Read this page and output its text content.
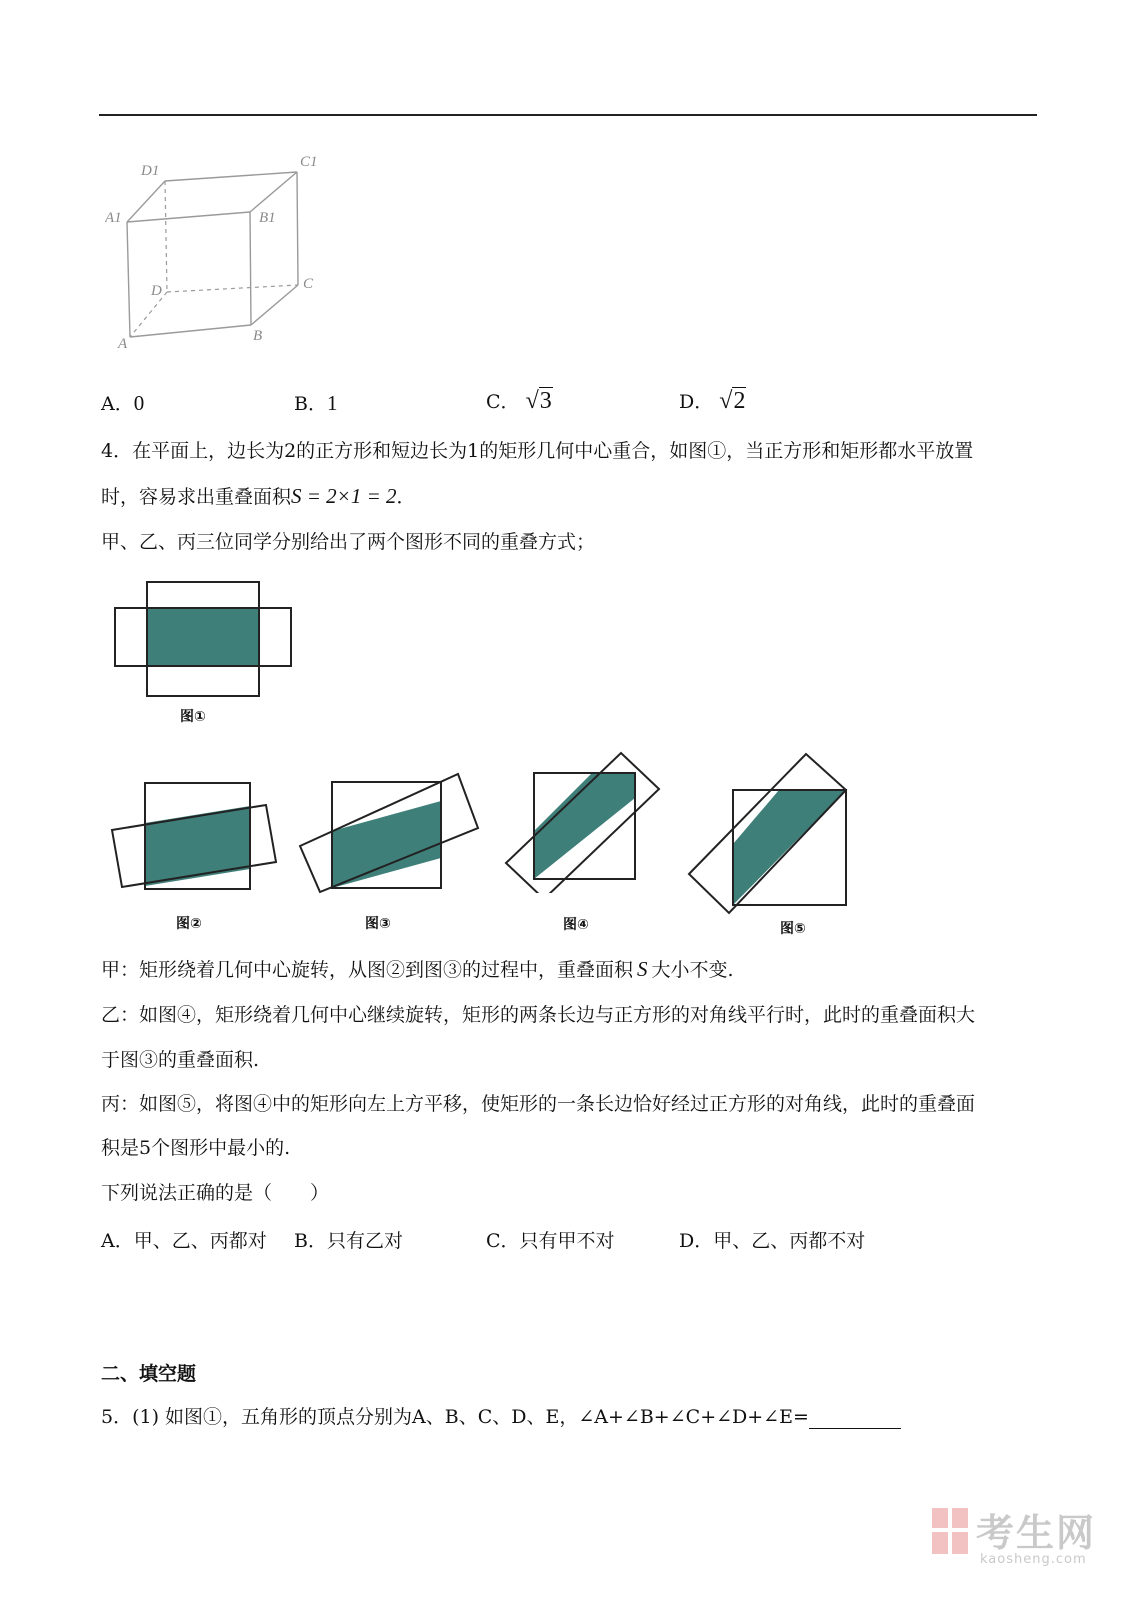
D1
C1
A1	B1
D	C
A	B
A．0	B．1	C． √3	D． √2
4．在平面上，边长为2的正方形和短边长为1的矩形几何中心重合，如图①，当正方形和矩形都水平放置
时，容易求出重叠面积S = 2×1 = 2．
甲、乙、丙三位同学分别给出了两个图形不同的重叠方式；
图①
图②	图③	图④	图⑤
甲：矩形绕着几何中心旋转，从图②到图③的过程中，重叠面积 S 大小不变.
乙：如图④，矩形绕着几何中心继续旋转，矩形的两条长边与正方形的对角线平行时，此时的重叠面积大
于图③的重叠面积.
丙：如图⑤，将图④中的矩形向左上方平移，使矩形的一条长边恰好经过正方形的对角线，此时的重叠面
积是5个图形中最小的.
下列说法正确的是（　　）
A．甲、乙、丙都对 B．只有乙对	C．只有甲不对	D．甲、乙、丙都不对
二、填空题
5．(1) 如图①，五角形的顶点分别为A、B、C、D、E，∠A+∠B+∠C+∠D+∠E=
考生网
kaosheng.com
